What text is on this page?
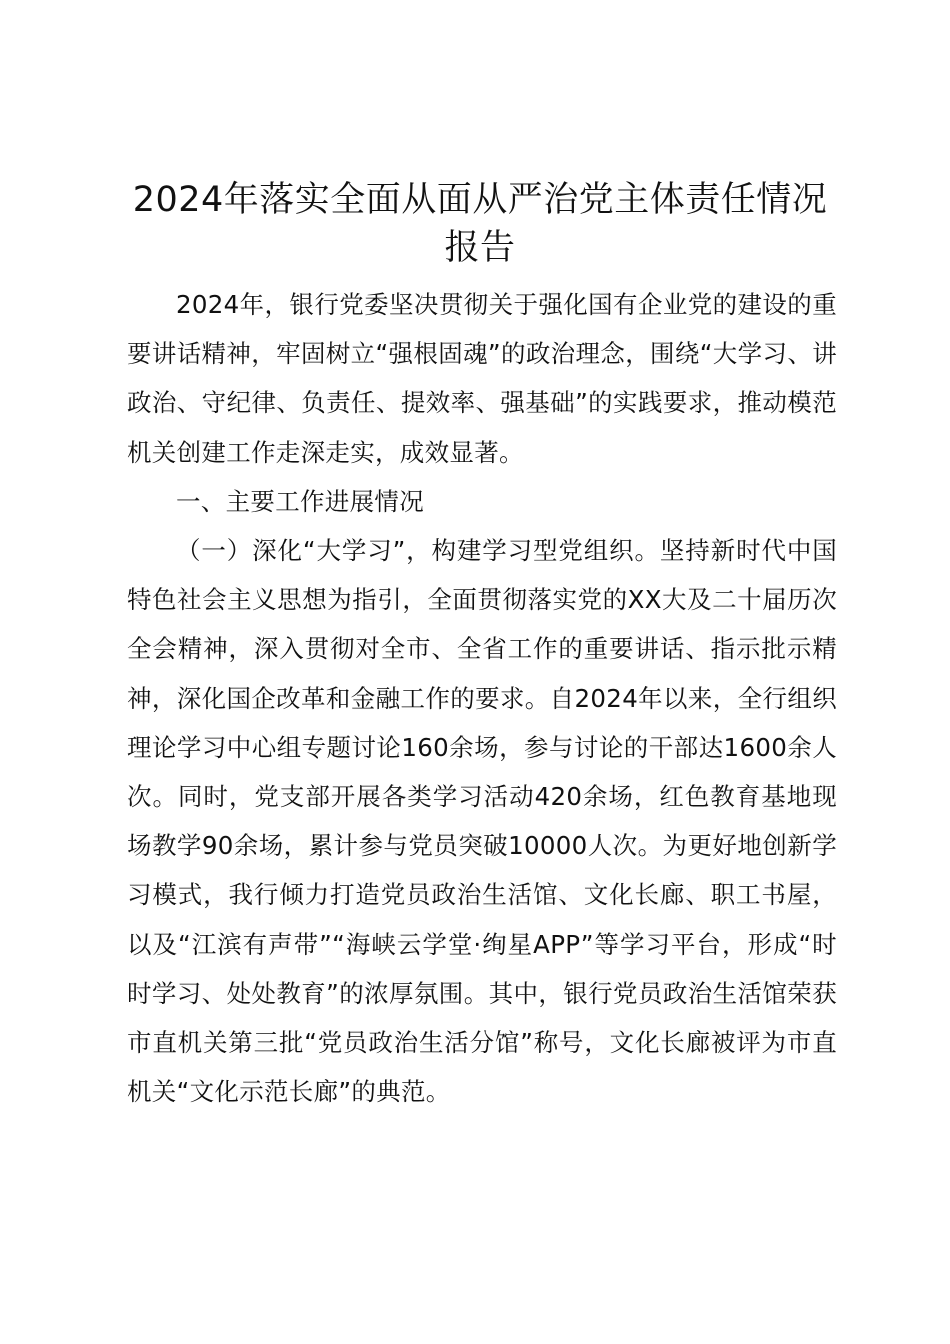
2024年落实全面从面从严治党主体责任情况报告

2024年，银行党委坚决贯彻关于强化国有企业党的建设的重要讲话精神，牢固树立“强根固魂”的政治理念，围绕“大学习、讲政治、守纪律、负责任、提效率、强基础”的实践要求，推动模范机关创建工作走深走实，成效显著。

一、主要工作进展情况

（一）深化“大学习”，构建学习型党组织。坚持新时代中国特色社会主义思想为指引，全面贯彻落实党的XX大及二十届历次全会精神，深入贯彻对全市、全省工作的重要讲话、指示批示精神，深化国企改革和金融工作的要求。自2024年以来，全行组织理论学习中心组专题讨论160余场，参与讨论的干部达1600余人次。同时，党支部开展各类学习活动420余场，红色教育基地现场教学90余场，累计参与党员突破10000人次。为更好地创新学习模式，我行倾力打造党员政治生活馆、文化长廊、职工书屋，以及“江滨有声带”“海峡云学堂·绚星APP”等学习平台，形成“时时学习、处处教育”的浓厚氛围。其中，银行党员政治生活馆荣获市直机关第三批“党员政治生活分馆”称号，文化长廊被评为市直机关“文化示范长廊”的典范。
